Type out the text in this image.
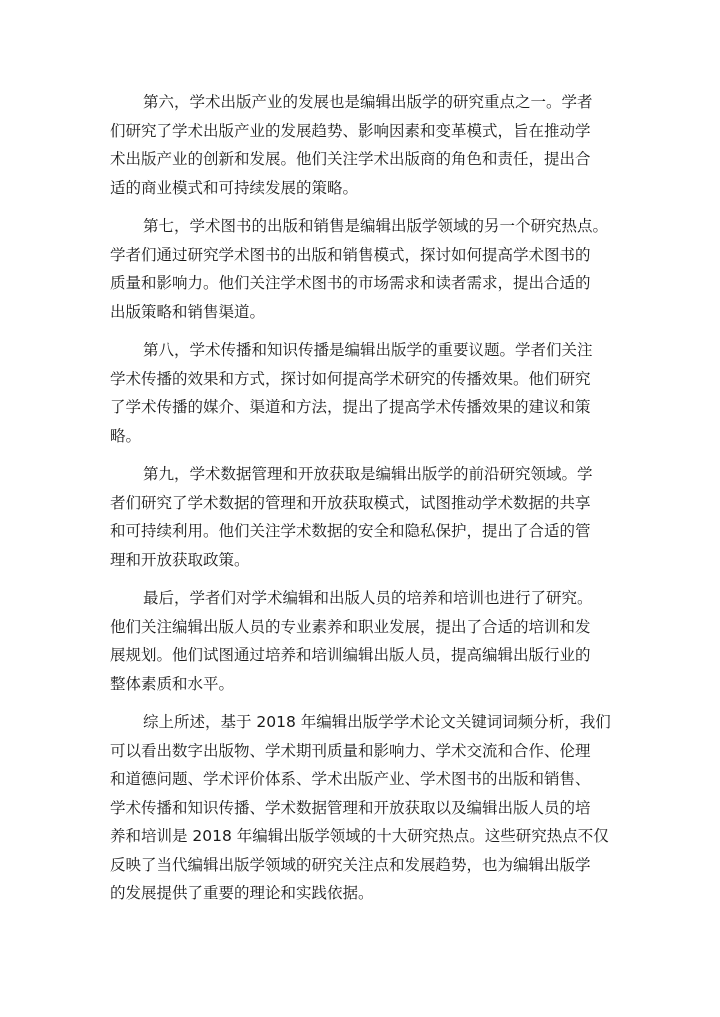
第六，学术出版产业的发展也是编辑出版学的研究重点之一。学者
们研究了学术出版产业的发展趋势、影响因素和变革模式，旨在推动学
术出版产业的创新和发展。他们关注学术出版商的角色和责任，提出合
适的商业模式和可持续发展的策略。

第七，学术图书的出版和销售是编辑出版学领域的另一个研究热点。
学者们通过研究学术图书的出版和销售模式，探讨如何提高学术图书的
质量和影响力。他们关注学术图书的市场需求和读者需求，提出合适的
出版策略和销售渠道。

第八，学术传播和知识传播是编辑出版学的重要议题。学者们关注
学术传播的效果和方式，探讨如何提高学术研究的传播效果。他们研究
了学术传播的媒介、渠道和方法，提出了提高学术传播效果的建议和策
略。

第九，学术数据管理和开放获取是编辑出版学的前沿研究领域。学
者们研究了学术数据的管理和开放获取模式，试图推动学术数据的共享
和可持续利用。他们关注学术数据的安全和隐私保护，提出了合适的管
理和开放获取政策。

最后，学者们对学术编辑和出版人员的培养和培训也进行了研究。
他们关注编辑出版人员的专业素养和职业发展，提出了合适的培训和发
展规划。他们试图通过培养和培训编辑出版人员，提高编辑出版行业的
整体素质和水平。

综上所述，基于 2018 年编辑出版学学术论文关键词词频分析，我们
可以看出数字出版物、学术期刊质量和影响力、学术交流和合作、伦理
和道德问题、学术评价体系、学术出版产业、学术图书的出版和销售、
学术传播和知识传播、学术数据管理和开放获取以及编辑出版人员的培
养和培训是 2018 年编辑出版学领域的十大研究热点。这些研究热点不仅
反映了当代编辑出版学领域的研究关注点和发展趋势，也为编辑出版学
的发展提供了重要的理论和实践依据。
